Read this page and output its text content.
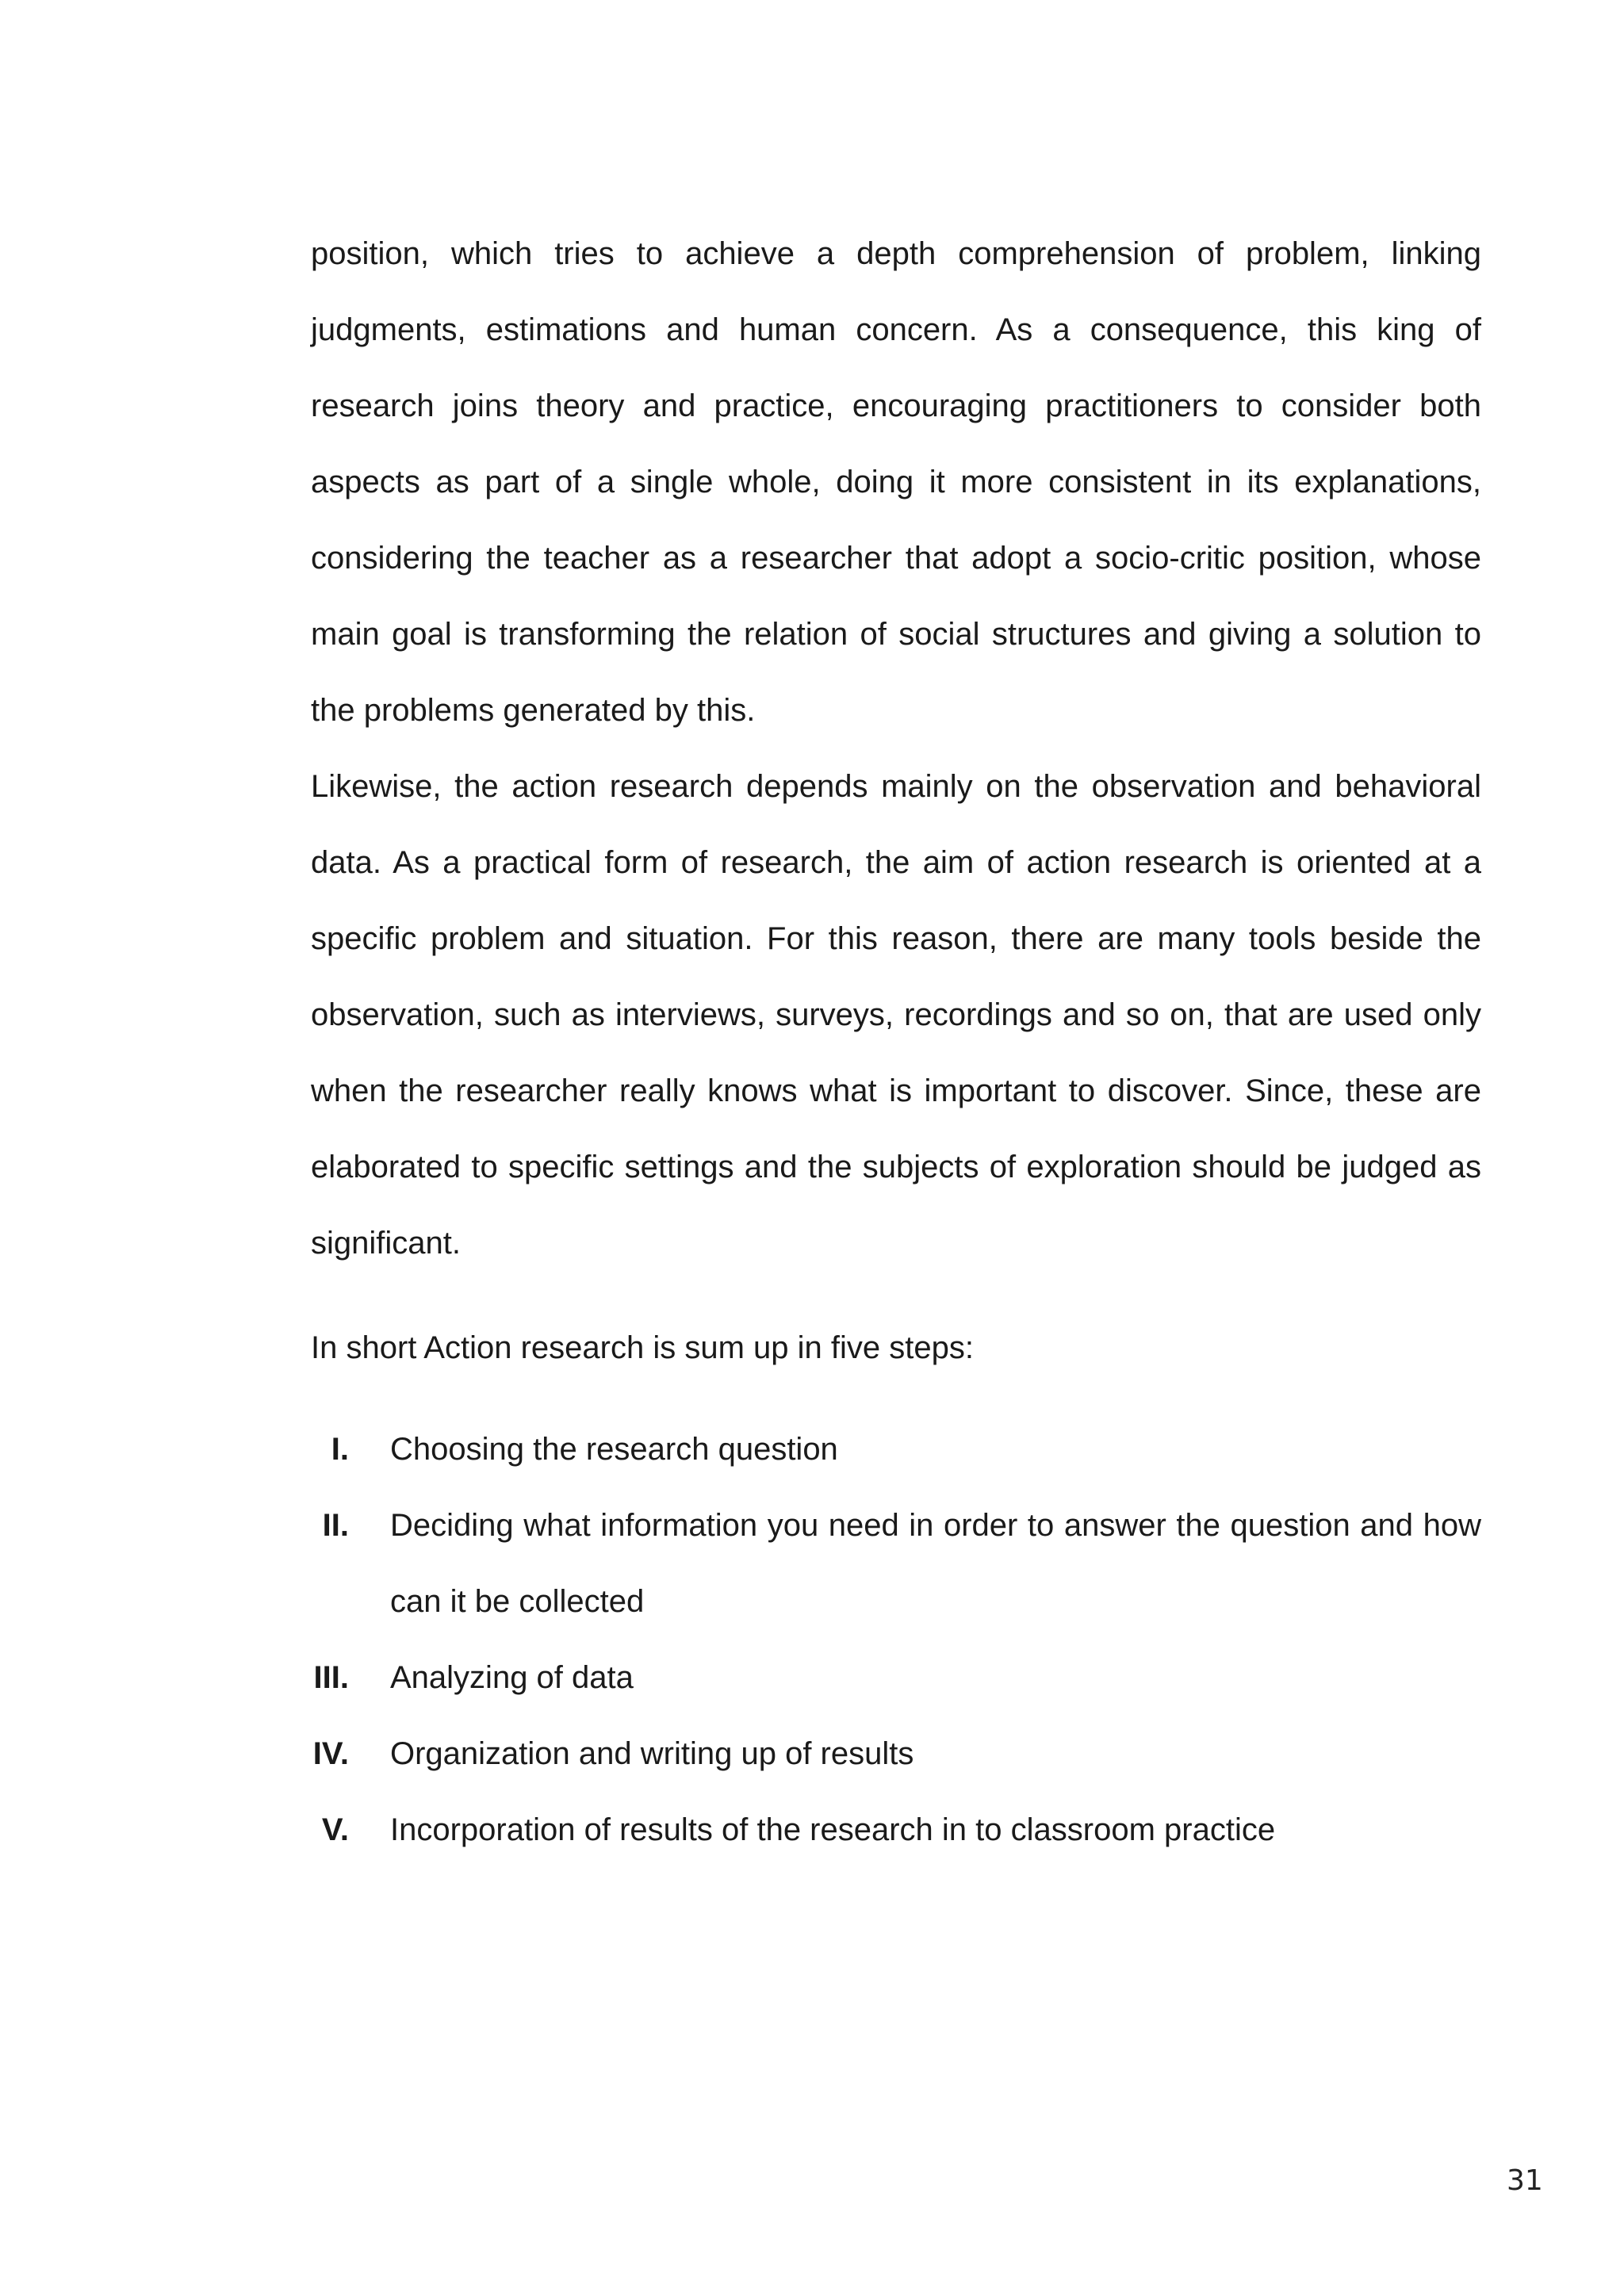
position, which tries to achieve a depth comprehension of problem, linking judgments, estimations and human concern. As a consequence, this king of research joins theory and practice, encouraging practitioners to consider both aspects as part of a single whole, doing it more consistent in its explanations, considering the teacher as a researcher that adopt a socio-critic position, whose main goal is transforming the relation of social structures and giving a solution to the problems generated by this.

Likewise, the action research depends mainly on the observation and behavioral data. As a practical form of research, the aim of action research is oriented at a specific problem and situation. For this reason, there are many tools beside the observation, such as interviews, surveys, recordings and so on, that are used only when the researcher really knows what is important to discover. Since, these are elaborated to specific settings and the subjects of exploration should be judged as significant.

In short Action research is sum up in five steps:
I. Choosing the research question
II. Deciding what information you need in order to answer the question and how can it be collected
III. Analyzing of data
IV. Organization and writing up of results
V. Incorporation of results of the research in to classroom practice
31
